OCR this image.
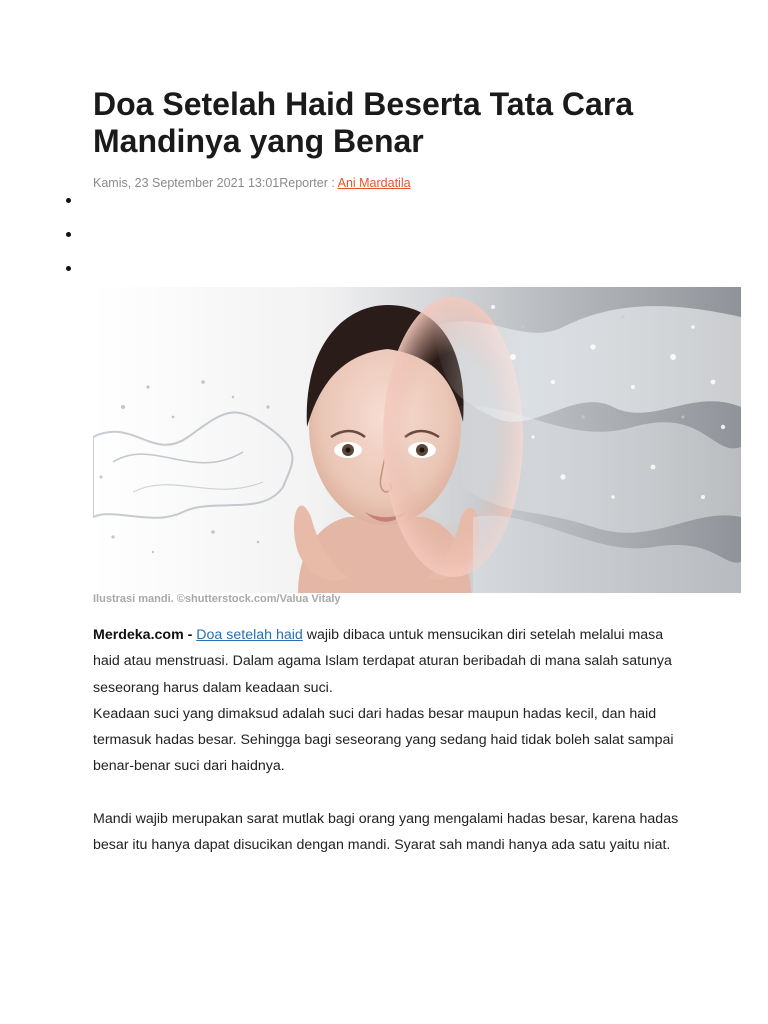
Doa Setelah Haid Beserta Tata Cara Mandinya yang Benar
Kamis, 23 September 2021 13:01Reporter : Ani Mardatila
Ilustrasi mandi. ©shutterstock.com/Valua Vitaly

Merdeka.com - Doa setelah haid wajib dibaca untuk mensucikan diri setelah melalui masa haid atau menstruasi. Dalam agama Islam terdapat aturan beribadah di mana salah satunya seseorang harus dalam keadaan suci.

Keadaan suci yang dimaksud adalah suci dari hadas besar maupun hadas kecil, dan haid termasuk hadas besar. Sehingga bagi seseorang yang sedang haid tidak boleh salat sampai benar-benar suci dari haidnya.

Mandi wajib merupakan sarat mutlak bagi orang yang mengalami hadas besar, karena hadas besar itu hanya dapat disucikan dengan mandi. Syarat sah mandi hanya ada satu yaitu niat.
